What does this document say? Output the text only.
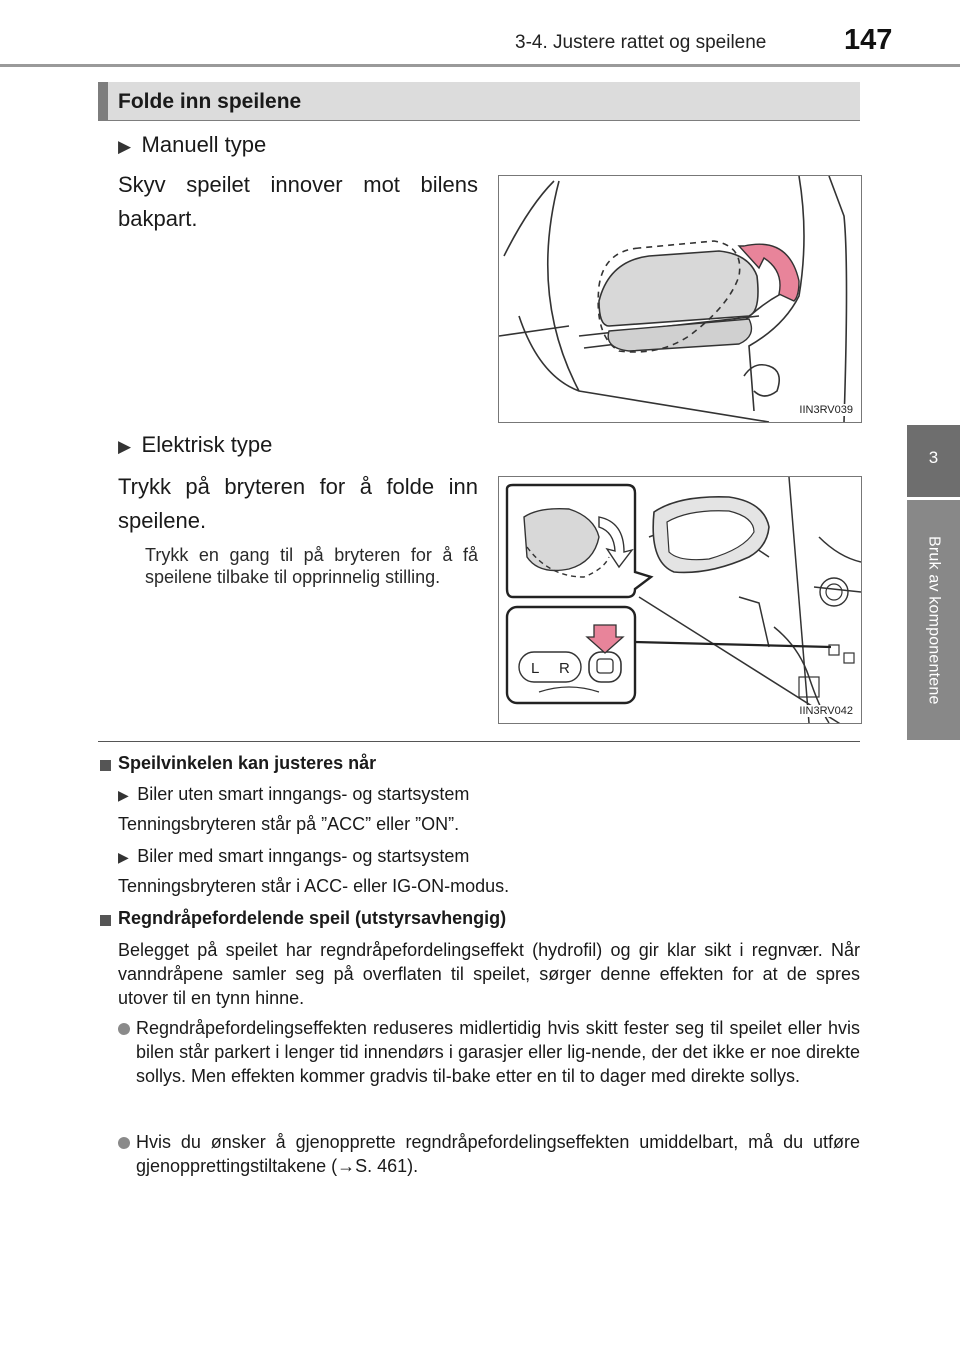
3-4. Justere rattet og speilene	147
3
Bruk av komponentene
Folde inn speilene
▶ Manuell type
Skyv speilet innover mot bilens bakpart.
IIN3RV039
▶ Elektrisk type
Trykk på bryteren for å folde inn speilene.
Trykk en gang til på bryteren for å få speilene tilbake til opprinnelig stilling.
L R
IIN3RV042
Speilvinkelen kan justeres når
▶ Biler uten smart inngangs- og startsystem
Tenningsbryteren står på ”ACC” eller ”ON”.
▶ Biler med smart inngangs- og startsystem
Tenningsbryteren står i ACC- eller IG-ON-modus.
Regndråpefordelende speil (utstyrsavhengig)
Belegget på speilet har regndråpefordelingseffekt (hydrofil) og gir klar sikt i regnvær. Når vanndråpene samler seg på overflaten til speilet, sørger denne effekten for at de spres utover til en tynn hinne.
Regndråpefordelingseffekten reduseres midlertidig hvis skitt fester seg til speilet eller hvis bilen står parkert i lenger tid innendørs i garasjer eller lig-nende, der det ikke er noe direkte sollys. Men effekten kommer gradvis til-bake etter en til to dager med direkte sollys.
Hvis du ønsker å gjenopprette regndråpefordelingseffekten umiddelbart, må du utføre gjenopprettingstiltakene (→S. 461).
